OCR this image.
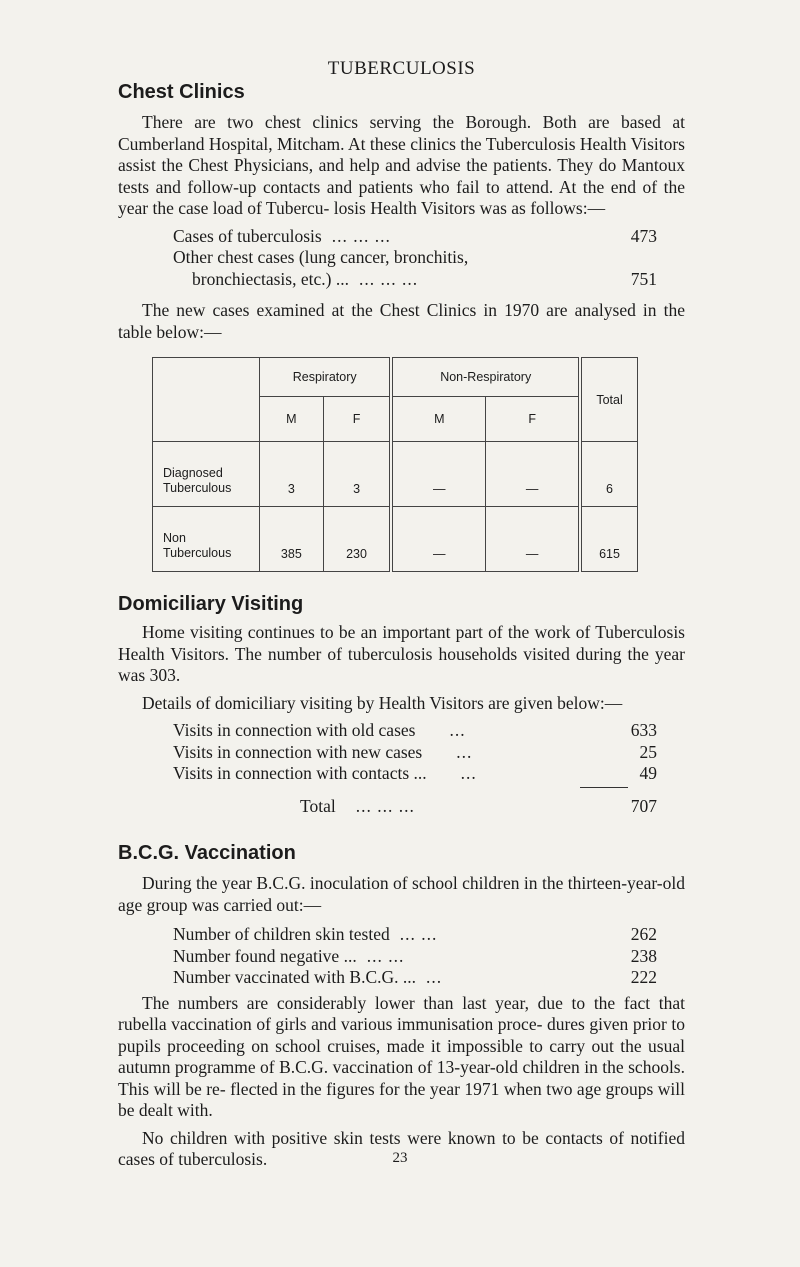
TUBERCULOSIS

Chest Clinics

There are two chest clinics serving the Borough. Both are based at Cumberland Hospital, Mitcham. At these clinics the Tuberculosis Health Visitors assist the Chest Physicians, and help and advise the patients. They do Mantoux tests and follow-up contacts and patients who fail to attend. At the end of the year the case load of Tubercu- losis Health Visitors was as follows:—

Cases of tuberculosis ... ... ...	473
Other chest cases (lung cancer, bronchitis,
bronchiectasis, etc.) ... ... ... ...	751

The new cases examined at the Chest Clinics in 1970 are analysed in the table below:—

	Respiratory		Non-Respiratory		Total
	M	F	M	F	
Diagnosed
Tuberculous	3	3	—	—	6
Non
Tuberculous	385	230	—	—	615
Domiciliary Visiting

Home visiting continues to be an important part of the work of Tuberculosis Health Visitors. The number of tuberculosis households visited during the year was 303.

Details of domiciliary visiting by Health Visitors are given below:—

Visits in connection with old cases	...	633
Visits in connection with new cases	...	25
Visits in connection with contacts ...	...	49
Total	... ... ...	707
B.C.G. Vaccination

During the year B.C.G. inoculation of school children in the thirteen-year-old age group was carried out:—

Number of children skin tested ... ...	262
Number found negative ... ... ...	238
Number vaccinated with B.C.G. ... ...	222

The numbers are considerably lower than last year, due to the fact that rubella vaccination of girls and various immunisation proce- dures given prior to pupils proceeding on school cruises, made it impossible to carry out the usual autumn programme of B.C.G. vaccination of 13-year-old children in the schools. This will be re- flected in the figures for the year 1971 when two age groups will be dealt with.

No children with positive skin tests were known to be contacts of notified cases of tuberculosis.	23
